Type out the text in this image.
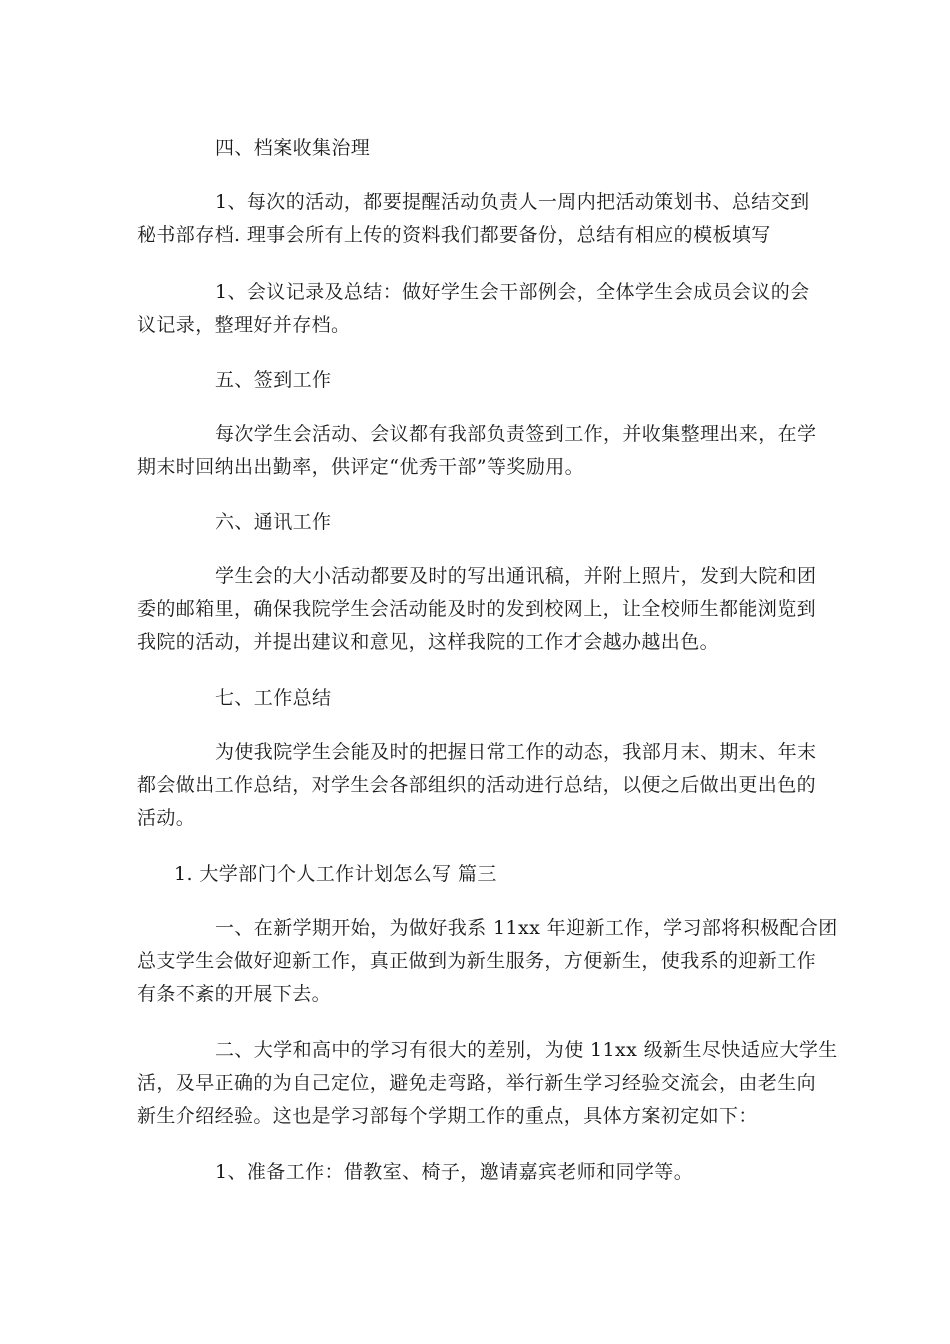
四、档案收集治理

1、每次的活动，都要提醒活动负责人一周内把活动策划书、总结交到
秘书部存档. 理事会所有上传的资料我们都要备份，总结有相应的模板填写

1、会议记录及总结：做好学生会干部例会，全体学生会成员会议的会
议记录，整理好并存档。

五、签到工作

每次学生会活动、会议都有我部负责签到工作，并收集整理出来，在学
期末时回纳出出勤率，供评定“优秀干部”等奖励用。

六、通讯工作

学生会的大小活动都要及时的写出通讯稿，并附上照片，发到大院和团
委的邮箱里，确保我院学生会活动能及时的发到校网上，让全校师生都能浏览到
我院的活动，并提出建议和意见，这样我院的工作才会越办越出色。

七、工作总结

为使我院学生会能及时的把握日常工作的动态，我部月末、期末、年末
都会做出工作总结，对学生会各部组织的活动进行总结，以便之后做出更出色的
活动。

1. 大学部门个人工作计划怎么写 篇三

一、在新学期开始，为做好我系 11xx 年迎新工作，学习部将积极配合团
总支学生会做好迎新工作，真正做到为新生服务，方便新生，使我系的迎新工作
有条不紊的开展下去。

二、大学和高中的学习有很大的差别，为使 11xx 级新生尽快适应大学生
活，及早正确的为自己定位，避免走弯路，举行新生学习经验交流会，由老生向
新生介绍经验。这也是学习部每个学期工作的重点，具体方案初定如下：

1、准备工作：借教室、椅子，邀请嘉宾老师和同学等。
